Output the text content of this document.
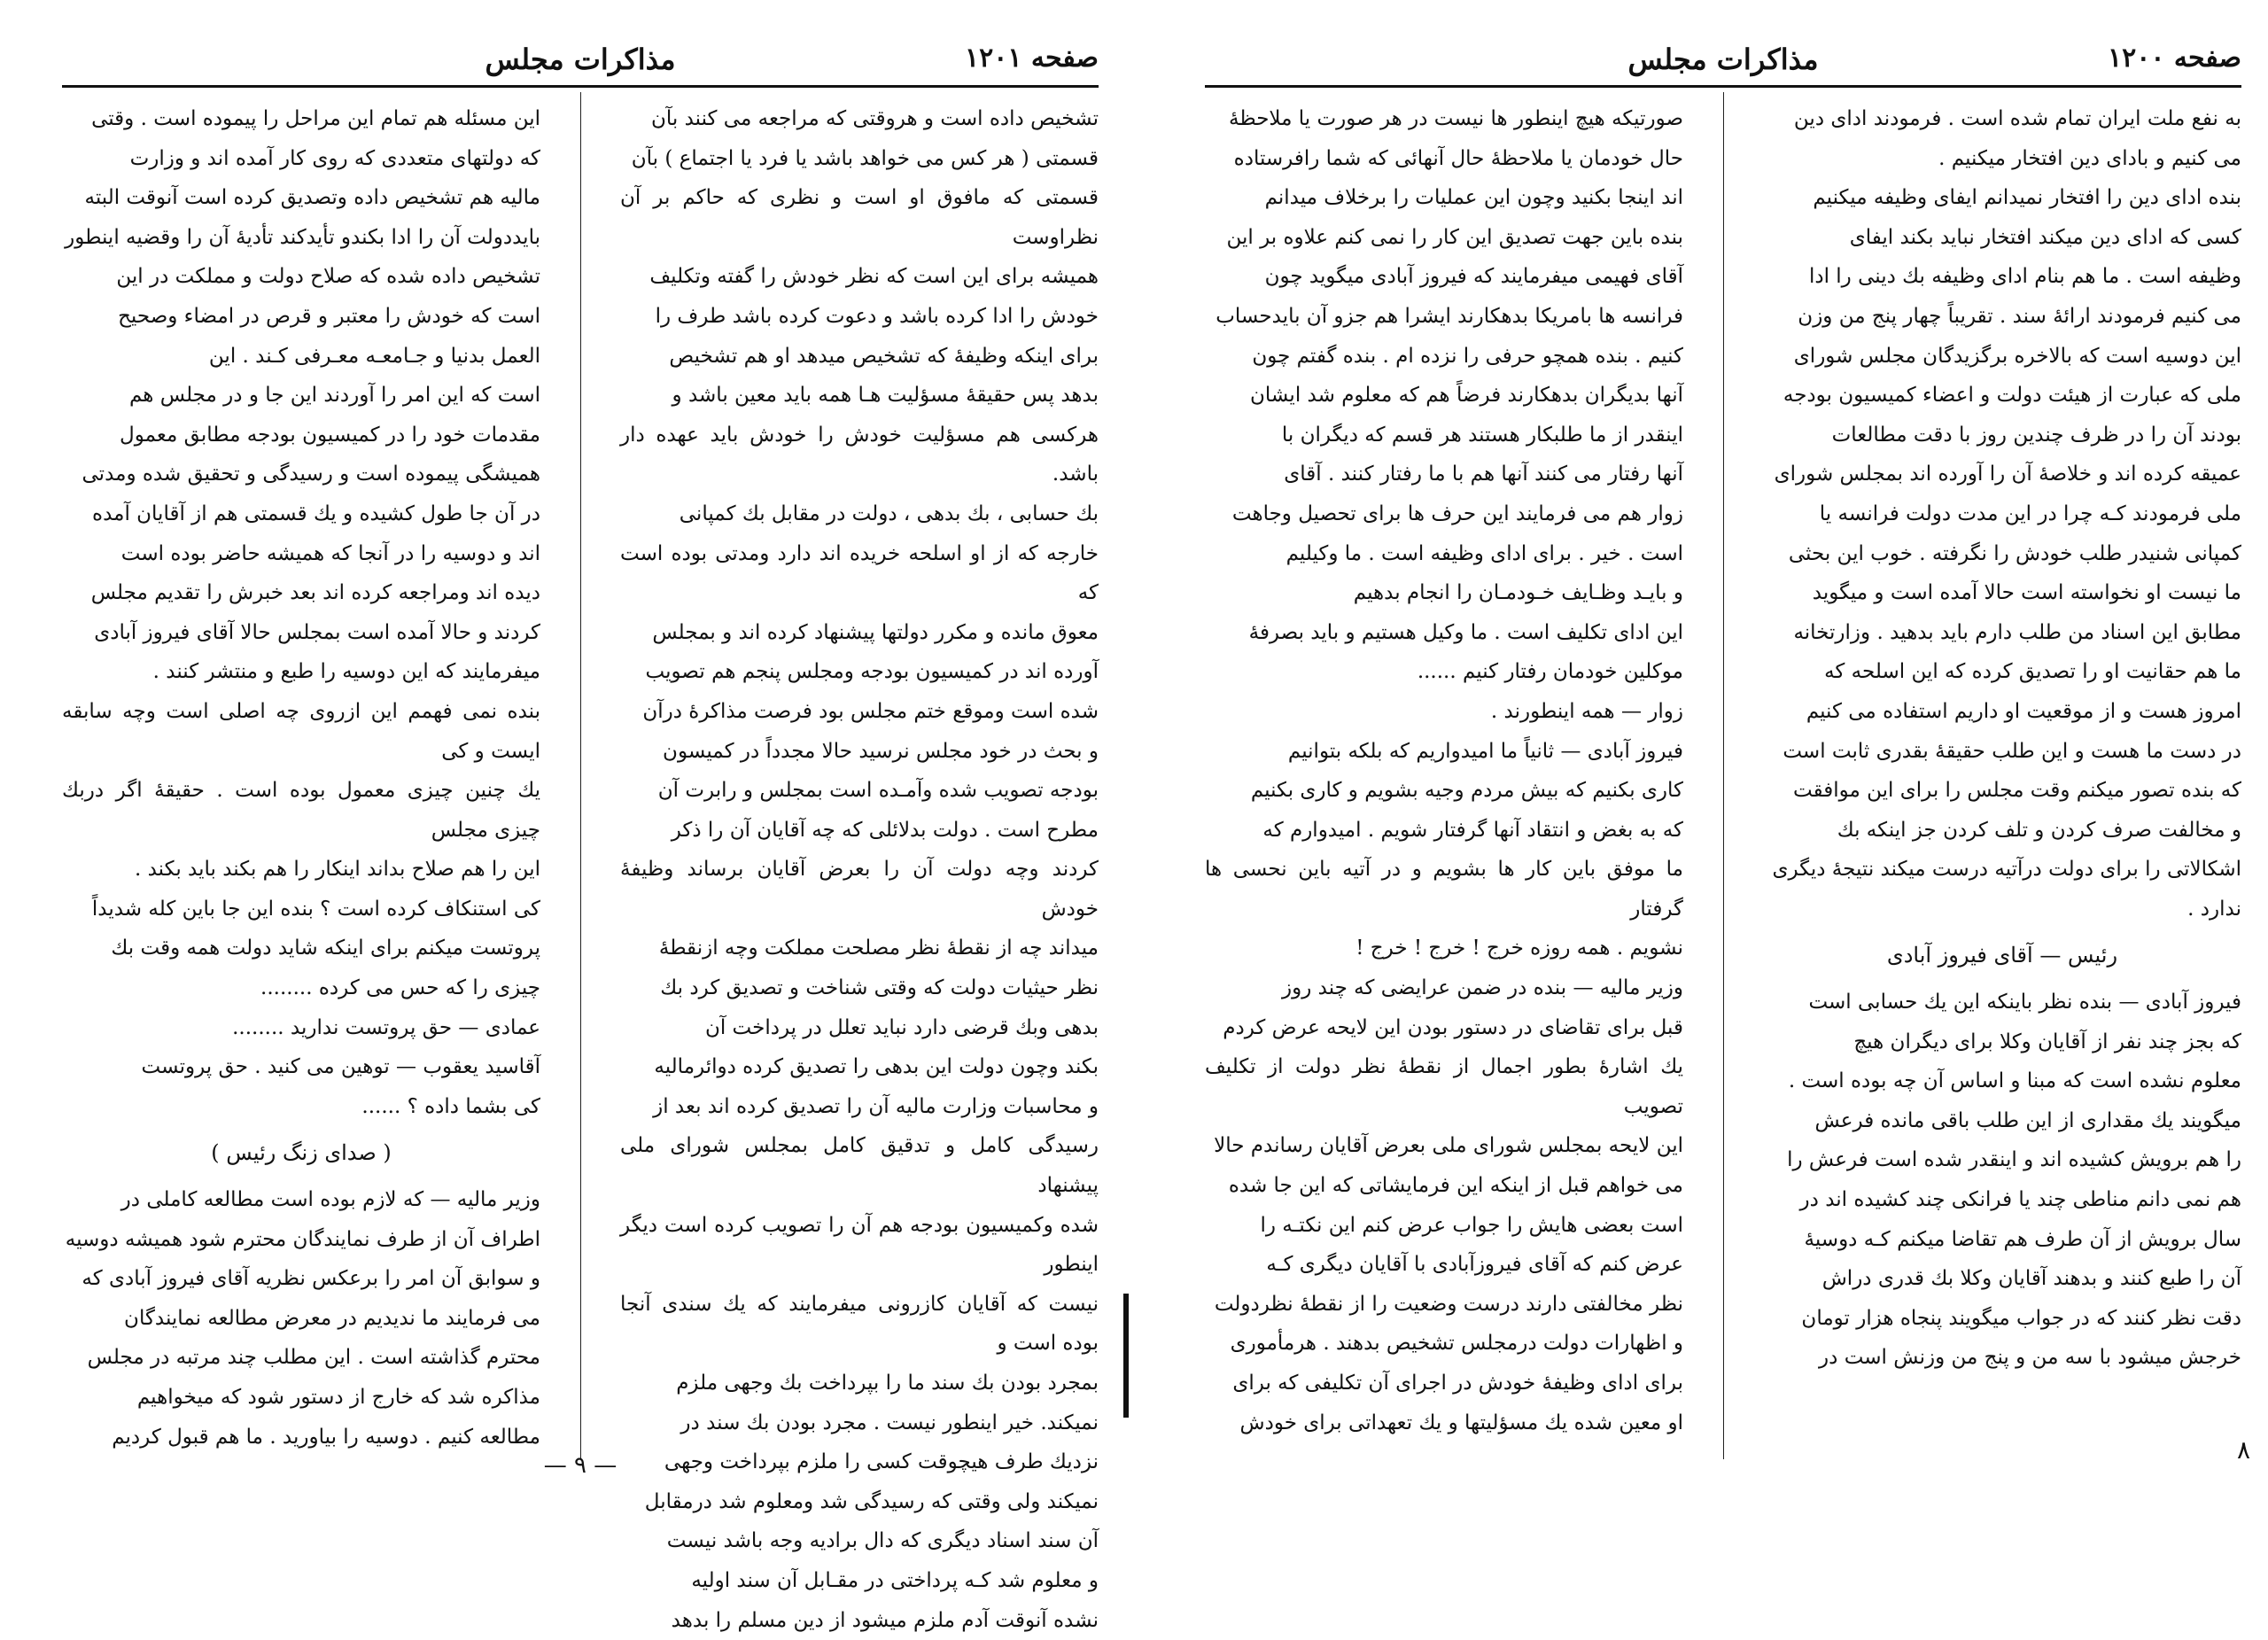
صفحه ۱۲۰۱
مذاکرات مجلس

تشخیص داده است و هروقتی که مراجعه می کنند بآن

قسمتی ( هر کس می خواهد باشد یا فرد یا اجتماع ) بآن

قسمتی که مافوق او است و نظری که حاکم بر آن نظراوست

همیشه برای این است که نظر خودش را گفته وتکلیف

خودش را ادا کرده باشد و دعوت کرده باشد طرف را

برای اینکه وظیفهٔ که تشخیص میدهد او هم تشخیص

بدهد پس حقیقهٔ مسؤلیت هـا همه باید معین باشد و

هرکسی هم مسؤلیت خودش را خودش باید عهده دار باشد.

بك حسابی ، بك بدهی ، دولت در مقابل بك کمپانی

خارجه که از او اسلحه خریده اند دارد ومدتی بوده است که

معوق مانده و مکرر دولتها پیشنهاد کرده اند و بمجلس

آورده اند در کمیسیون بودجه ومجلس پنجم هم تصویب

شده است وموقع ختم مجلس بود فرصت مذاکرهٔ درآن

و بحث در خود مجلس نرسید حالا مجدداً در کمیسون

بودجه تصویب شده وآمـده است بمجلس و رابرت آن

مطرح است . دولت بدلائلی که چه آقایان آن را ذکر

کردند وچه دولت آن را بعرض آقایان برساند وظیفهٔ خودش

میداند چه از نقطهٔ نظر مصلحت مملکت وچه ازنقطهٔ

نظر حیثیات دولت که وقتی شناخت و تصدیق کرد بك

بدهی وبك قرضی دارد نباید تعلل در پرداخت آن

بکند وچون دولت این بدهی را تصدیق کرده دوائرمالیه

و محاسبات وزارت مالیه آن را تصدیق کرده اند بعد از

رسیدگی کامل و تدقیق کامل بمجلس شورای ملی پیشنهاد

شده وکمیسیون بودجه هم آن را تصویب کرده است دیگر اینطور

نیست که آقایان کازرونی میفرمایند که یك سندی آنجا بوده است و

بمجرد بودن بك سند ما را بپرداخت بك وجهی ملزم

نمیکند. خیر اینطور نیست . مجرد بودن بك سند در

نزدیك طرف هیچوقت کسی را ملزم بپرداخت وجهی

نمیکند ولی وقتی که رسیدگی شد ومعلوم شد درمقابل

آن سند اسناد دیگری که دال برادیه وجه باشد نیست

و معلوم شد کـه پرداختی در مقـابل آن سند اولیه

نشده آنوقت آدم ملزم میشود از دین مسلم را بدهد

این مسئله هم تمام این مراحل را پیموده است . وقتی

که دولتهای متعددی که روی کار آمده اند و وزارت

مالیه هم تشخیص داده وتصدیق کرده است آنوقت البته

بایددولت آن را ادا بکندو تأیدکند تأدیهٔ آن را وقضیه اینطور

تشخیص داده شده که صلاح دولت و مملکت در این

است که خودش را معتبر و قرص در امضاء وصحیح

العمل بدنیا و جـامعـه معـرفی کـند . این

است که این امر را آوردند این جا و در مجلس هم

مقدمات خود را در کمیسیون بودجه مطابق معمول

همیشگی پیموده است و رسیدگی و تحقیق شده ومدتی

در آن جا طول کشیده و یك قسمتی هم از آقایان آمده

اند و دوسیه را در آنجا که همیشه حاضر بوده است

دیده اند ومراجعه کرده اند بعد خبرش را تقدیم مجلس

کردند و حالا آمده است بمجلس حالا آقای فیروز آبادی

میفرمایند که این دوسیه را طبع و منتشر کنند .

بنده نمی فهمم این ازروی چه اصلی است وچه سابقه ایست و کی

یك چنین چیزی معمول بوده است . حقیقهٔ اگر دربك چیزی مجلس

این را هم صلاح بداند اینکار را هم بکند باید بکند .

کی استنکاف کرده است ؟ بنده این جا باین کله شدیداً

پروتست میکنم برای اینکه شاید دولت همه وقت بك

چیزی را که حس می کرده ........

عمادی — حق پروتست ندارید ........

آقاسید یعقوب — توهین می کنید . حق پروتست

کی بشما داده ؟ ......

( صدای زنگ رئیس )

وزیر مالیه — که لازم بوده است مطالعه کاملی در

اطراف آن از طرف نمایندگان محترم شود همیشه دوسیه

و سوابق آن امر را برعکس نظریه آقای فیروز آبادی که

می فرمایند ما ندیدیم در معرض مطالعه نمایندگان

محترم گذاشته است . این مطلب چند مرتبه در مجلس

مذاکره شد که خارج از دستور شود که میخواهیم

مطالعه کنیم . دوسیه را بیاورید . ما هم قبول کردیم

— ۹ —
صفحه ۱۲۰۰
مذاکرات مجلس

به نفع ملت ایران تمام شده است . فرمودند ادای دین

می کنیم و بادای دین افتخار میکنیم .

بنده ادای دین را افتخار نمیدانم ایفای وظیفه میکنیم

کسی که ادای دین میکند افتخار نباید بکند ایفای

وظیفه است . ما هم بنام ادای وظیفه بك دینی را ادا

می کنیم فرمودند ارائهٔ سند . تقریباً چهار پنج من وزن

این دوسیه است که بالاخره برگزیدگان مجلس شورای

ملی که عبارت از هیئت دولت و اعضاء کمیسیون بودجه

بودند آن را در ظرف چندین روز با دقت مطالعات

عمیقه کرده اند و خلاصهٔ آن را آورده اند بمجلس شورای

ملی فرمودند کـه چرا در این مدت دولت فرانسه یا

کمپانی شنیدر طلب خودش را نگرفته . خوب این بحثی

ما نیست او نخواسته است حالا آمده است و میگوید

مطابق این اسناد من طلب دارم باید بدهید . وزارتخانه

ما هم حقانیت او را تصدیق کرده که این اسلحه که

امروز هست و از موقعیت او داریم استفاده می کنیم

در دست ما هست و این طلب حقیقهٔ بقدری ثابت است

که بنده تصور میکنم وقت مجلس را برای این موافقت

و مخالفت صرف کردن و تلف کردن جز اینکه بك

اشکالاتی را برای دولت درآتیه درست میکند نتیجهٔ دیگری

ندارد .

رئیس — آقای فیروز آبادی

فیروز آبادی — بنده نظر باینکه این یك حسابی است

که بجز چند نفر از آقایان وکلا برای دیگران هیچ

معلوم نشده است که مبنا و اساس آن چه بوده است .

میگویند یك مقداری از این طلب باقی مانده فرعش

را هم برویش کشیده اند و اینقدر شده است فرعش را

هم نمی دانم مناطی چند یا فرانکی چند کشیده اند در

سال برویش از آن طرف هم تقاضا میکنم کـه دوسیهٔ

آن را طبع کنند و بدهند آقایان وکلا بك قدری دراش

دقت نظر کنند که در جواب میگویند پنجاه هزار تومان

خرجش میشود با سه من و پنج من وزنش است در

صورتیکه هیچ اینطور ها نیست در هر صورت یا ملاحظهٔ

حال خودمان یا ملاحظهٔ حال آنهائی که شما رافرستاده

اند اینجا بکنید وچون این عملیات را برخلاف میدانم

بنده باین جهت تصدیق این کار را نمی کنم علاوه بر این

آقای فهیمی میفرمایند که فیروز آبادی میگوید چون

فرانسه ها بامریکا بدهکارند ایشرا هم جزو آن بایدحساب

کنیم . بنده همچو حرفی را نزده ام . بنده گفتم چون

آنها بدیگران بدهکارند فرضاً هم که معلوم شد ایشان

اینقدر از ما طلبکار هستند هر قسم که دیگران با

آنها رفتار می کنند آنها هم با ما رفتار کنند . آقای

زوار هم می فرمایند این حرف ها برای تحصیل وجاهت

است . خیر . برای ادای وظیفه است . ما وکیلیم

و بایـد وظـایف خـودمـان را انجام بدهیم

این ادای تکلیف است . ما وکیل هستیم و باید بصرفهٔ

موکلین خودمان رفتار کنیم ......

زوار — همه اینطورند .

فیروز آبادی — ثانیاً ما امیدواریم که بلکه بتوانیم

کاری بکنیم که بیش مردم وجیه بشویم و کاری بکنیم

که به بغض و انتقاد آنها گرفتار شویم . امیدوارم که

ما موفق باین کار ها بشویم و در آتیه باین نحسی ها گرفتار

نشویم . همه روزه خرج ! خرج ! خرج !

وزیر مالیه — بنده در ضمن عرایضی که چند روز

قبل برای تقاضای در دستور بودن این لایحه عرض کردم

یك اشارهٔ بطور اجمال از نقطهٔ نظر دولت از تکلیف تصویب

این لایحه بمجلس شورای ملی بعرض آقایان رساندم حالا

می خواهم قبل از اینکه این فرمایشاتی که این جا شده

است بعضی هایش را جواب عرض کنم این نکتـه را

عرض کنم که آقای فیروزآبادی با آقایان دیگری کـه

نظر مخالفتی دارند درست وضعیت را از نقطهٔ نظردولت

و اظهارات دولت درمجلس تشخیص بدهند . هرمأموری

برای ادای وظیفهٔ خودش در اجرای آن تکلیفی که برای

او معین شده یك مسؤلیتها و یك تعهداتی برای خودش

۸
